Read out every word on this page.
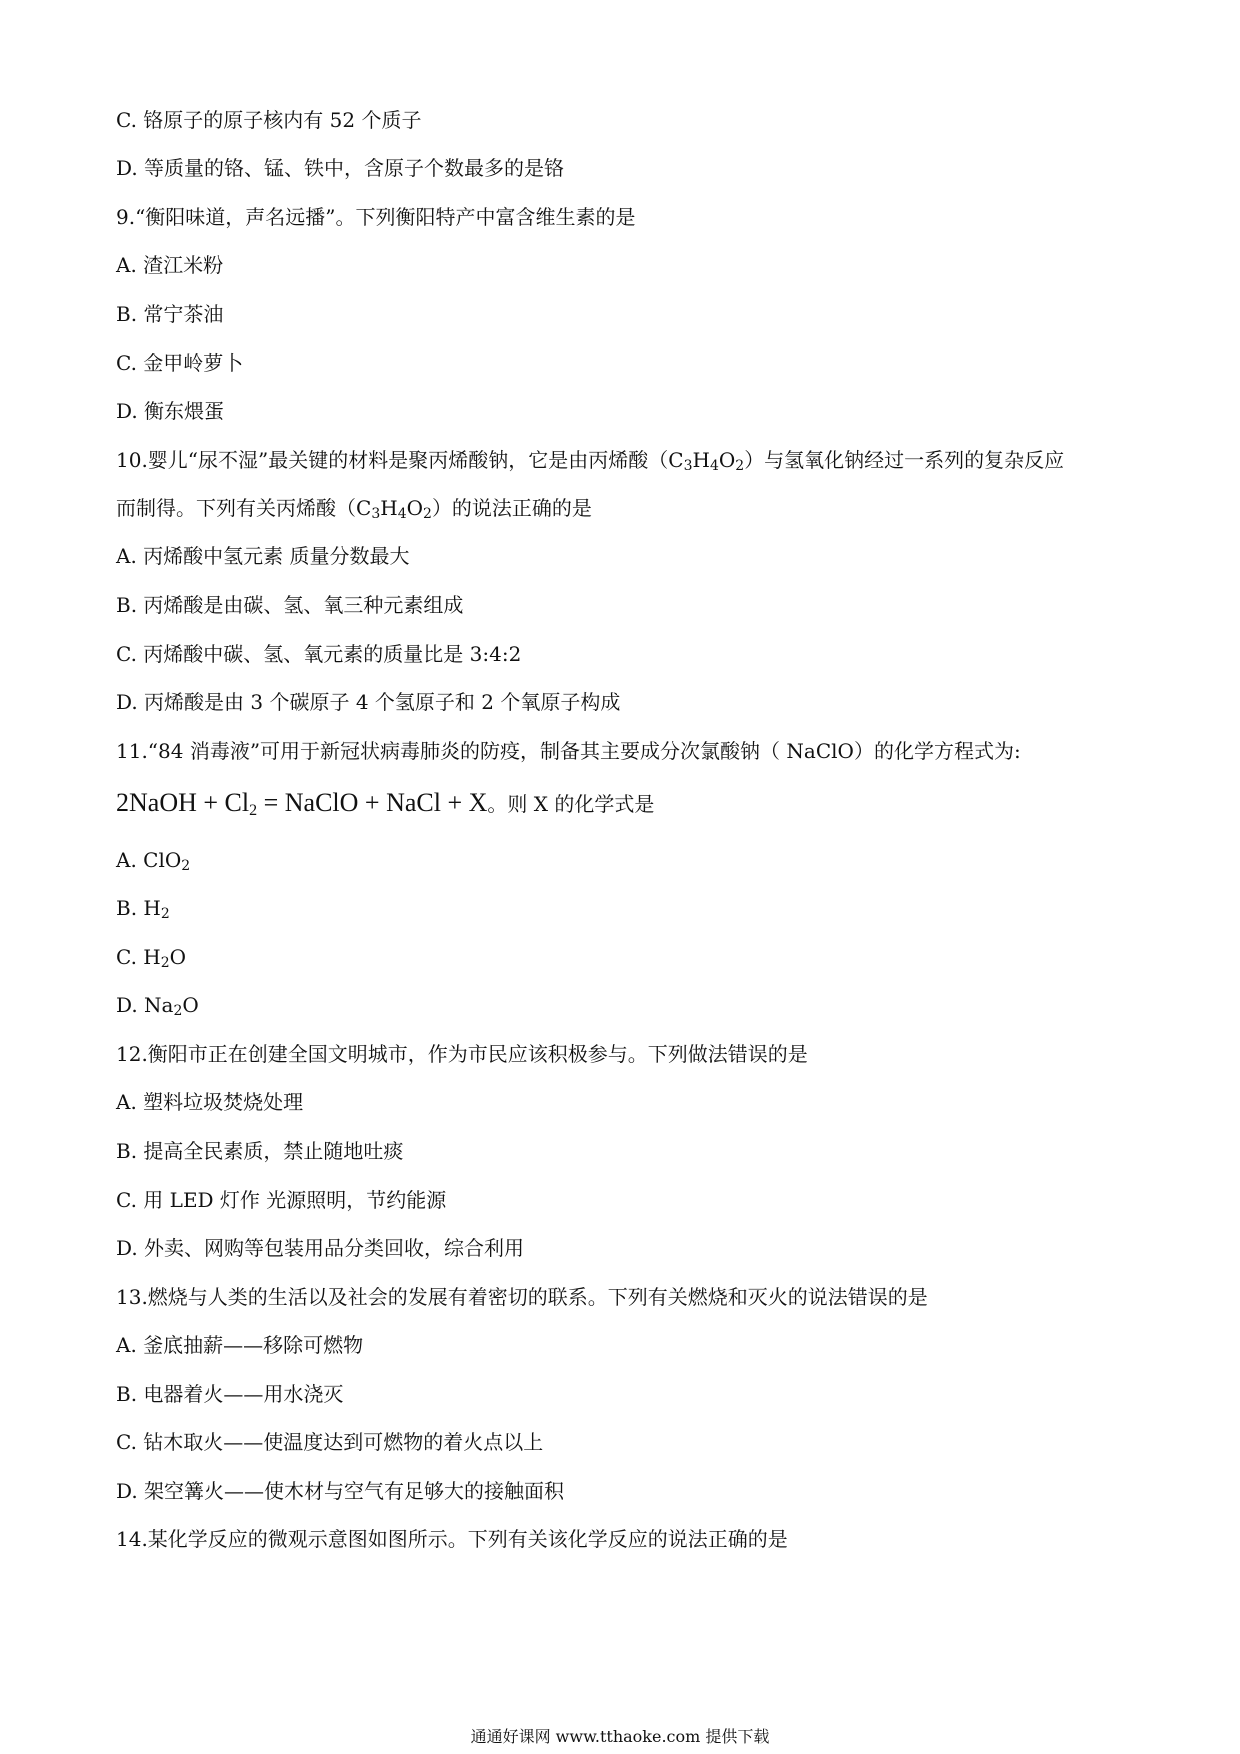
C. 铬原子的原子核内有 52 个质子
D. 等质量的铬、锰、铁中，含原子个数最多的是铬
9.“衡阳味道，声名远播”。下列衡阳特产中富含维生素的是
A. 渣江米粉
B. 常宁茶油
C. 金甲岭萝卜
D. 衡东煨蛋
10.婴儿“尿不湿”最关键的材料是聚丙烯酸钠，它是由丙烯酸（C3H4O2）与氢氧化钠经过一系列的复杂反应
而制得。下列有关丙烯酸（C3H4O2）的说法正确的是
A. 丙烯酸中氢元素 质量分数最大
B. 丙烯酸是由碳、氢、氧三种元素组成
C. 丙烯酸中碳、氢、氧元素的质量比是 3:4:2
D. 丙烯酸是由 3 个碳原子 4 个氢原子和 2 个氧原子构成
11.“84 消毒液”可用于新冠状病毒肺炎的防疫，制备其主要成分次氯酸钠（ NaClO）的化学方程式为:
2NaOH + $Cl_2$ = NaClO + NaCl + X。则 X 的化学式是
A. ClO2
B. H2
C. H2O
D. Na2O
12.衡阳市正在创建全国文明城市，作为市民应该积极参与。下列做法错误的是
A. 塑料垃圾焚烧处理
B. 提高全民素质，禁止随地吐痰
C. 用 LED 灯作 光源照明，节约能源
D. 外卖、网购等包装用品分类回收，综合利用
13.燃烧与人类的生活以及社会的发展有着密切的联系。下列有关燃烧和灭火的说法错误的是
A. 釜底抽薪——移除可燃物
B. 电器着火——用水浇灭
C. 钻木取火——使温度达到可燃物的着火点以上
D. 架空篝火——使木材与空气有足够大的接触面积
14.某化学反应的微观示意图如图所示。下列有关该化学反应的说法正确的是
通通好课网 www.tthaoke.com 提供下载
